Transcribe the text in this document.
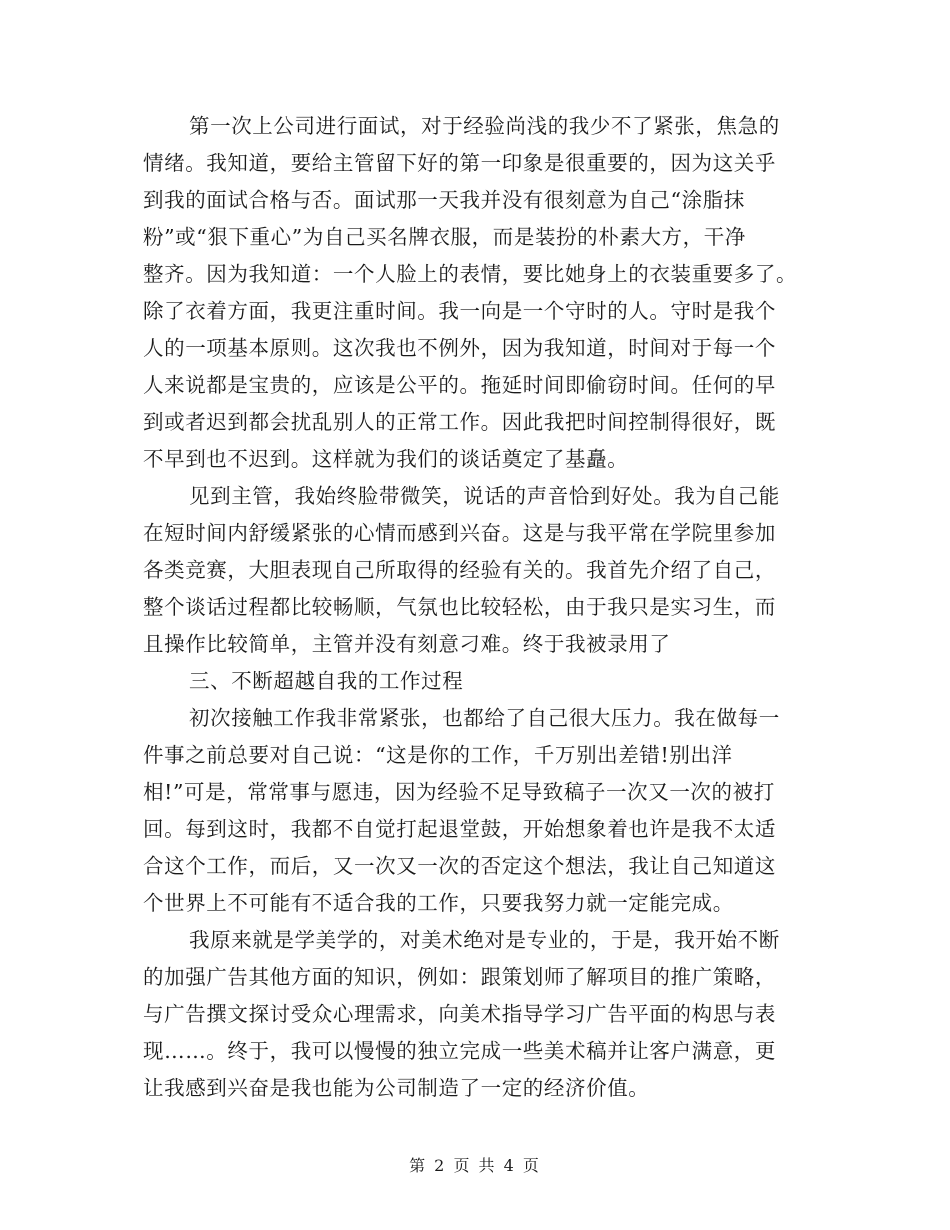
第一次上公司进行面试，对于经验尚浅的我少不了紧张，焦急的
情绪。我知道，要给主管留下好的第一印象是很重要的，因为这关乎
到我的面试合格与否。面试那一天我并没有很刻意为自己“涂脂抹
粉”或“狠下重心”为自己买名牌衣服，而是装扮的朴素大方，干净
整齐。因为我知道：一个人脸上的表情，要比她身上的衣装重要多了。
除了衣着方面，我更注重时间。我一向是一个守时的人。守时是我个
人的一项基本原则。这次我也不例外，因为我知道，时间对于每一个
人来说都是宝贵的，应该是公平的。拖延时间即偷窃时间。任何的早
到或者迟到都会扰乱别人的正常工作。因此我把时间控制得很好，既
不早到也不迟到。这样就为我们的谈话奠定了基矗。
见到主管，我始终脸带微笑，说话的声音恰到好处。我为自己能
在短时间内舒缓紧张的心情而感到兴奋。这是与我平常在学院里参加
各类竞赛，大胆表现自己所取得的经验有关的。我首先介绍了自己，
整个谈话过程都比较畅顺，气氛也比较轻松，由于我只是实习生，而
且操作比较简单，主管并没有刻意刁难。终于我被录用了
三、不断超越自我的工作过程
初次接触工作我非常紧张，也都给了自己很大压力。我在做每一
件事之前总要对自己说：“这是你的工作，千万别出差错!别出洋
相!”可是，常常事与愿违，因为经验不足导致稿子一次又一次的被打
回。每到这时，我都不自觉打起退堂鼓，开始想象着也许是我不太适
合这个工作，而后，又一次又一次的否定这个想法，我让自己知道这
个世界上不可能有不适合我的工作，只要我努力就一定能完成。
我原来就是学美学的，对美术绝对是专业的，于是，我开始不断
的加强广告其他方面的知识，例如：跟策划师了解项目的推广策略，
与广告撰文探讨受众心理需求，向美术指导学习广告平面的构思与表
现……。终于，我可以慢慢的独立完成一些美术稿并让客户满意，更
让我感到兴奋是我也能为公司制造了一定的经济价值。
第 2 页 共 4 页
